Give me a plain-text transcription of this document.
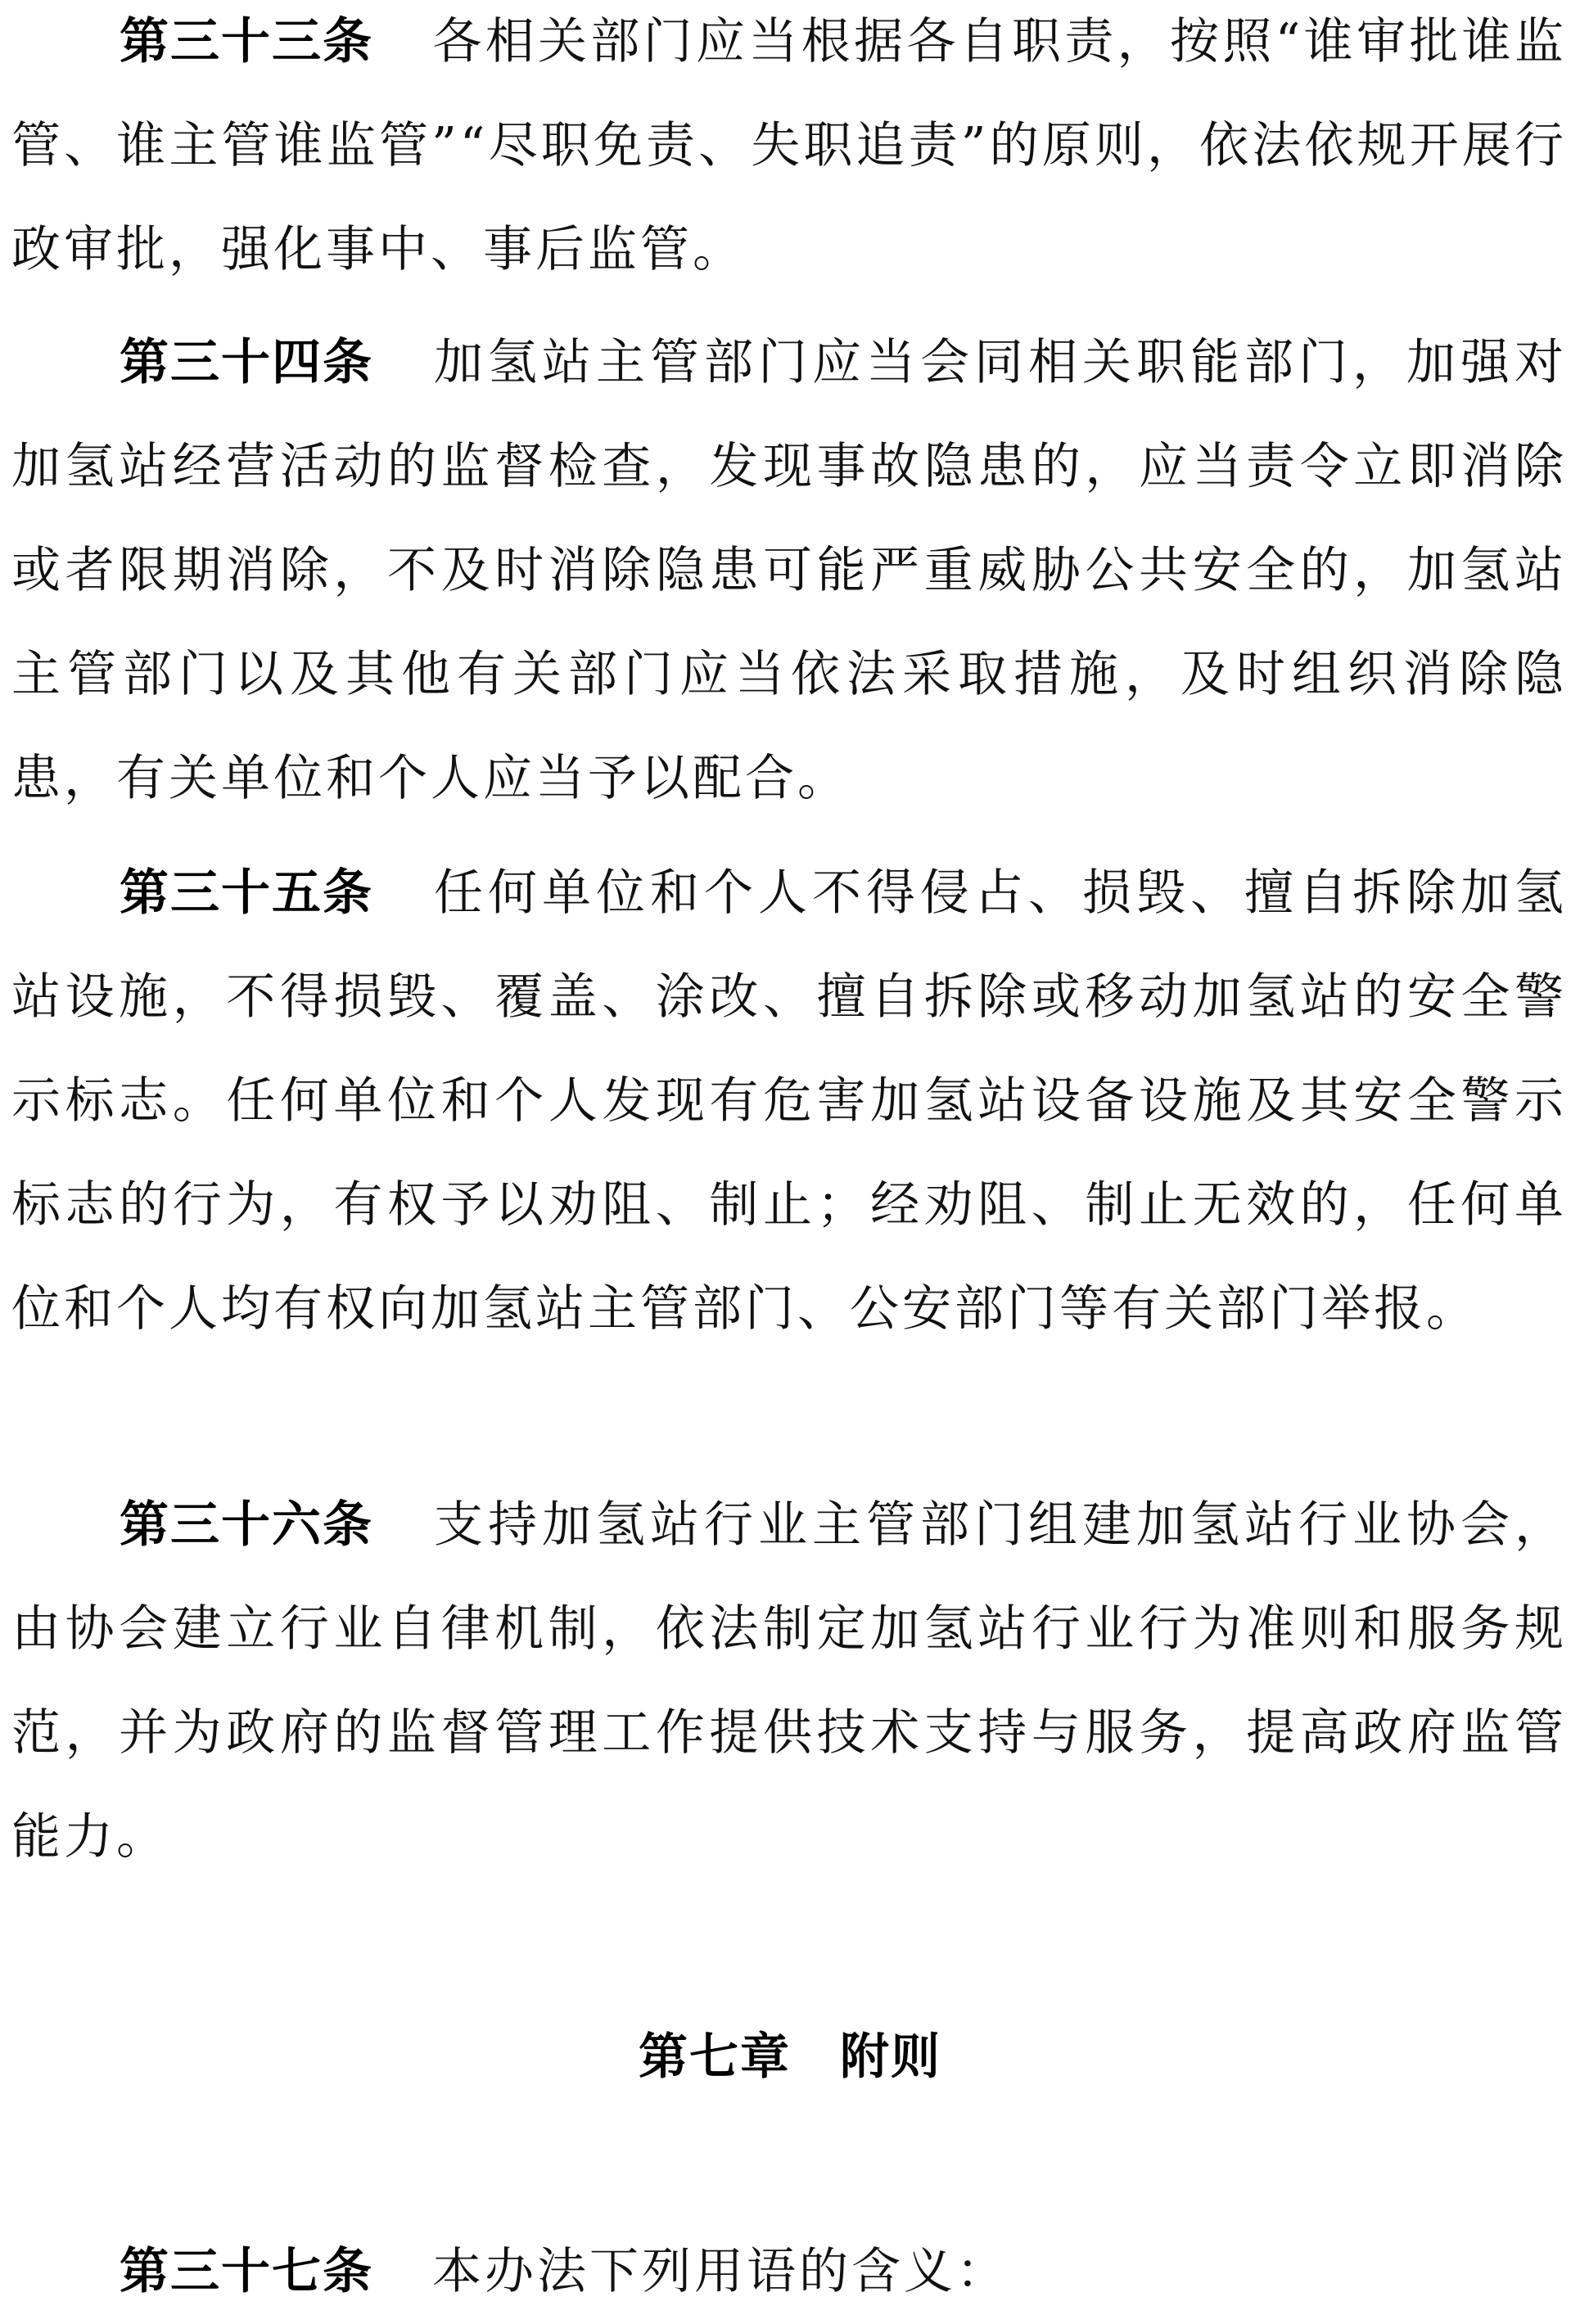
第三十三条 各相关部门应当根据各自职责，按照“谁审批谁监管、谁主管谁监管”“尽职免责、失职追责”的原则，依法依规开展行政审批，强化事中、事后监管。

第三十四条 加氢站主管部门应当会同相关职能部门，加强对加氢站经营活动的监督检查，发现事故隐患的，应当责令立即消除或者限期消除，不及时消除隐患可能严重威胁公共安全的，加氢站主管部门以及其他有关部门应当依法采取措施，及时组织消除隐患，有关单位和个人应当予以配合。

第三十五条 任何单位和个人不得侵占、损毁、擅自拆除加氢站设施，不得损毁、覆盖、涂改、擅自拆除或移动加氢站的安全警示标志。任何单位和个人发现有危害加氢站设备设施及其安全警示标志的行为，有权予以劝阻、制止；经劝阻、制止无效的，任何单位和个人均有权向加氢站主管部门、公安部门等有关部门举报。

第三十六条 支持加氢站行业主管部门组建加氢站行业协会，由协会建立行业自律机制，依法制定加氢站行业行为准则和服务规范，并为政府的监督管理工作提供技术支持与服务，提高政府监管能力。

第七章 附则

第三十七条 本办法下列用语的含义：
